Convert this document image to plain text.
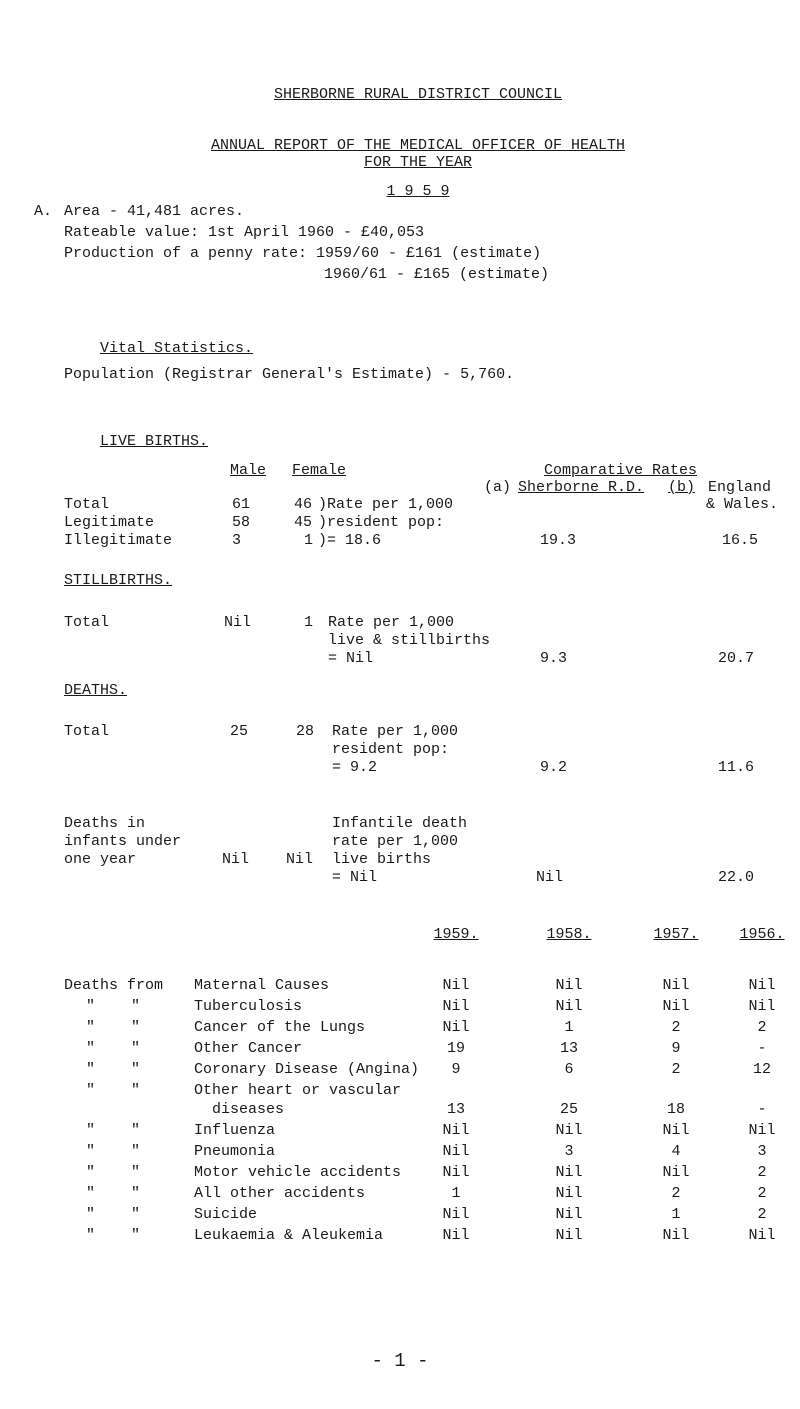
SHERBORNE RURAL DISTRICT COUNCIL

ANNUAL REPORT OF THE MEDICAL OFFICER OF HEALTH

FOR THE YEAR

1 9 5 9

A. Area - 41,481 acres.
Rateable value: 1st April 1960 - £40,053
Production of a penny rate: 1959/60 - £161 (estimate)
1960/61 - £165 (estimate)

Vital Statistics.

Population (Registrar General's Estimate) - 5,760.

LIVE BIRTHS.

Male Female	Comparative Rates
(a) Sherborne R.D. (b) England
& Wales.
Total	61	46 )Rate per 1,000
Legitimate	58	45 )resident pop:
Illegitimate	3	1 )= 18.6	19.3	16.5
STILLBIRTHS.
Total	Nil	1 Rate per 1,000
live & stillbirths
= Nil	9.3	20.7
DEATHS.
Total	25	28 Rate per 1,000
resident pop:
= 9.2	9.2	11.6
Deaths in
infants under
one year	Nil Nil
Infantile death
rate per 1,000
live births
= Nil	Nil	22.0
1959.	1958.	1957.	1956.
Deaths from Maternal Causes	Nil	Nil	Nil	Nil
"    "	Tuberculosis	Nil	Nil	Nil	Nil
"    "	Cancer of the Lungs	Nil	1	2	2
"    "	Other Cancer	19	13	9	-
"    "	Coronary Disease (Angina)	9	6	2	12
"    "	Other heart or vascular
diseases	13	25	18	-
"    "	Influenza	Nil	Nil	Nil	Nil
"    "	Pneumonia	Nil	3	4	3
"    "	Motor vehicle accidents	Nil	Nil	Nil	2
"    "	All other accidents	1	Nil	2	2
"    "	Suicide	Nil	Nil	1	2
"    "	Leukaemia & Aleukemia	Nil	Nil	Nil	Nil
- 1 -
